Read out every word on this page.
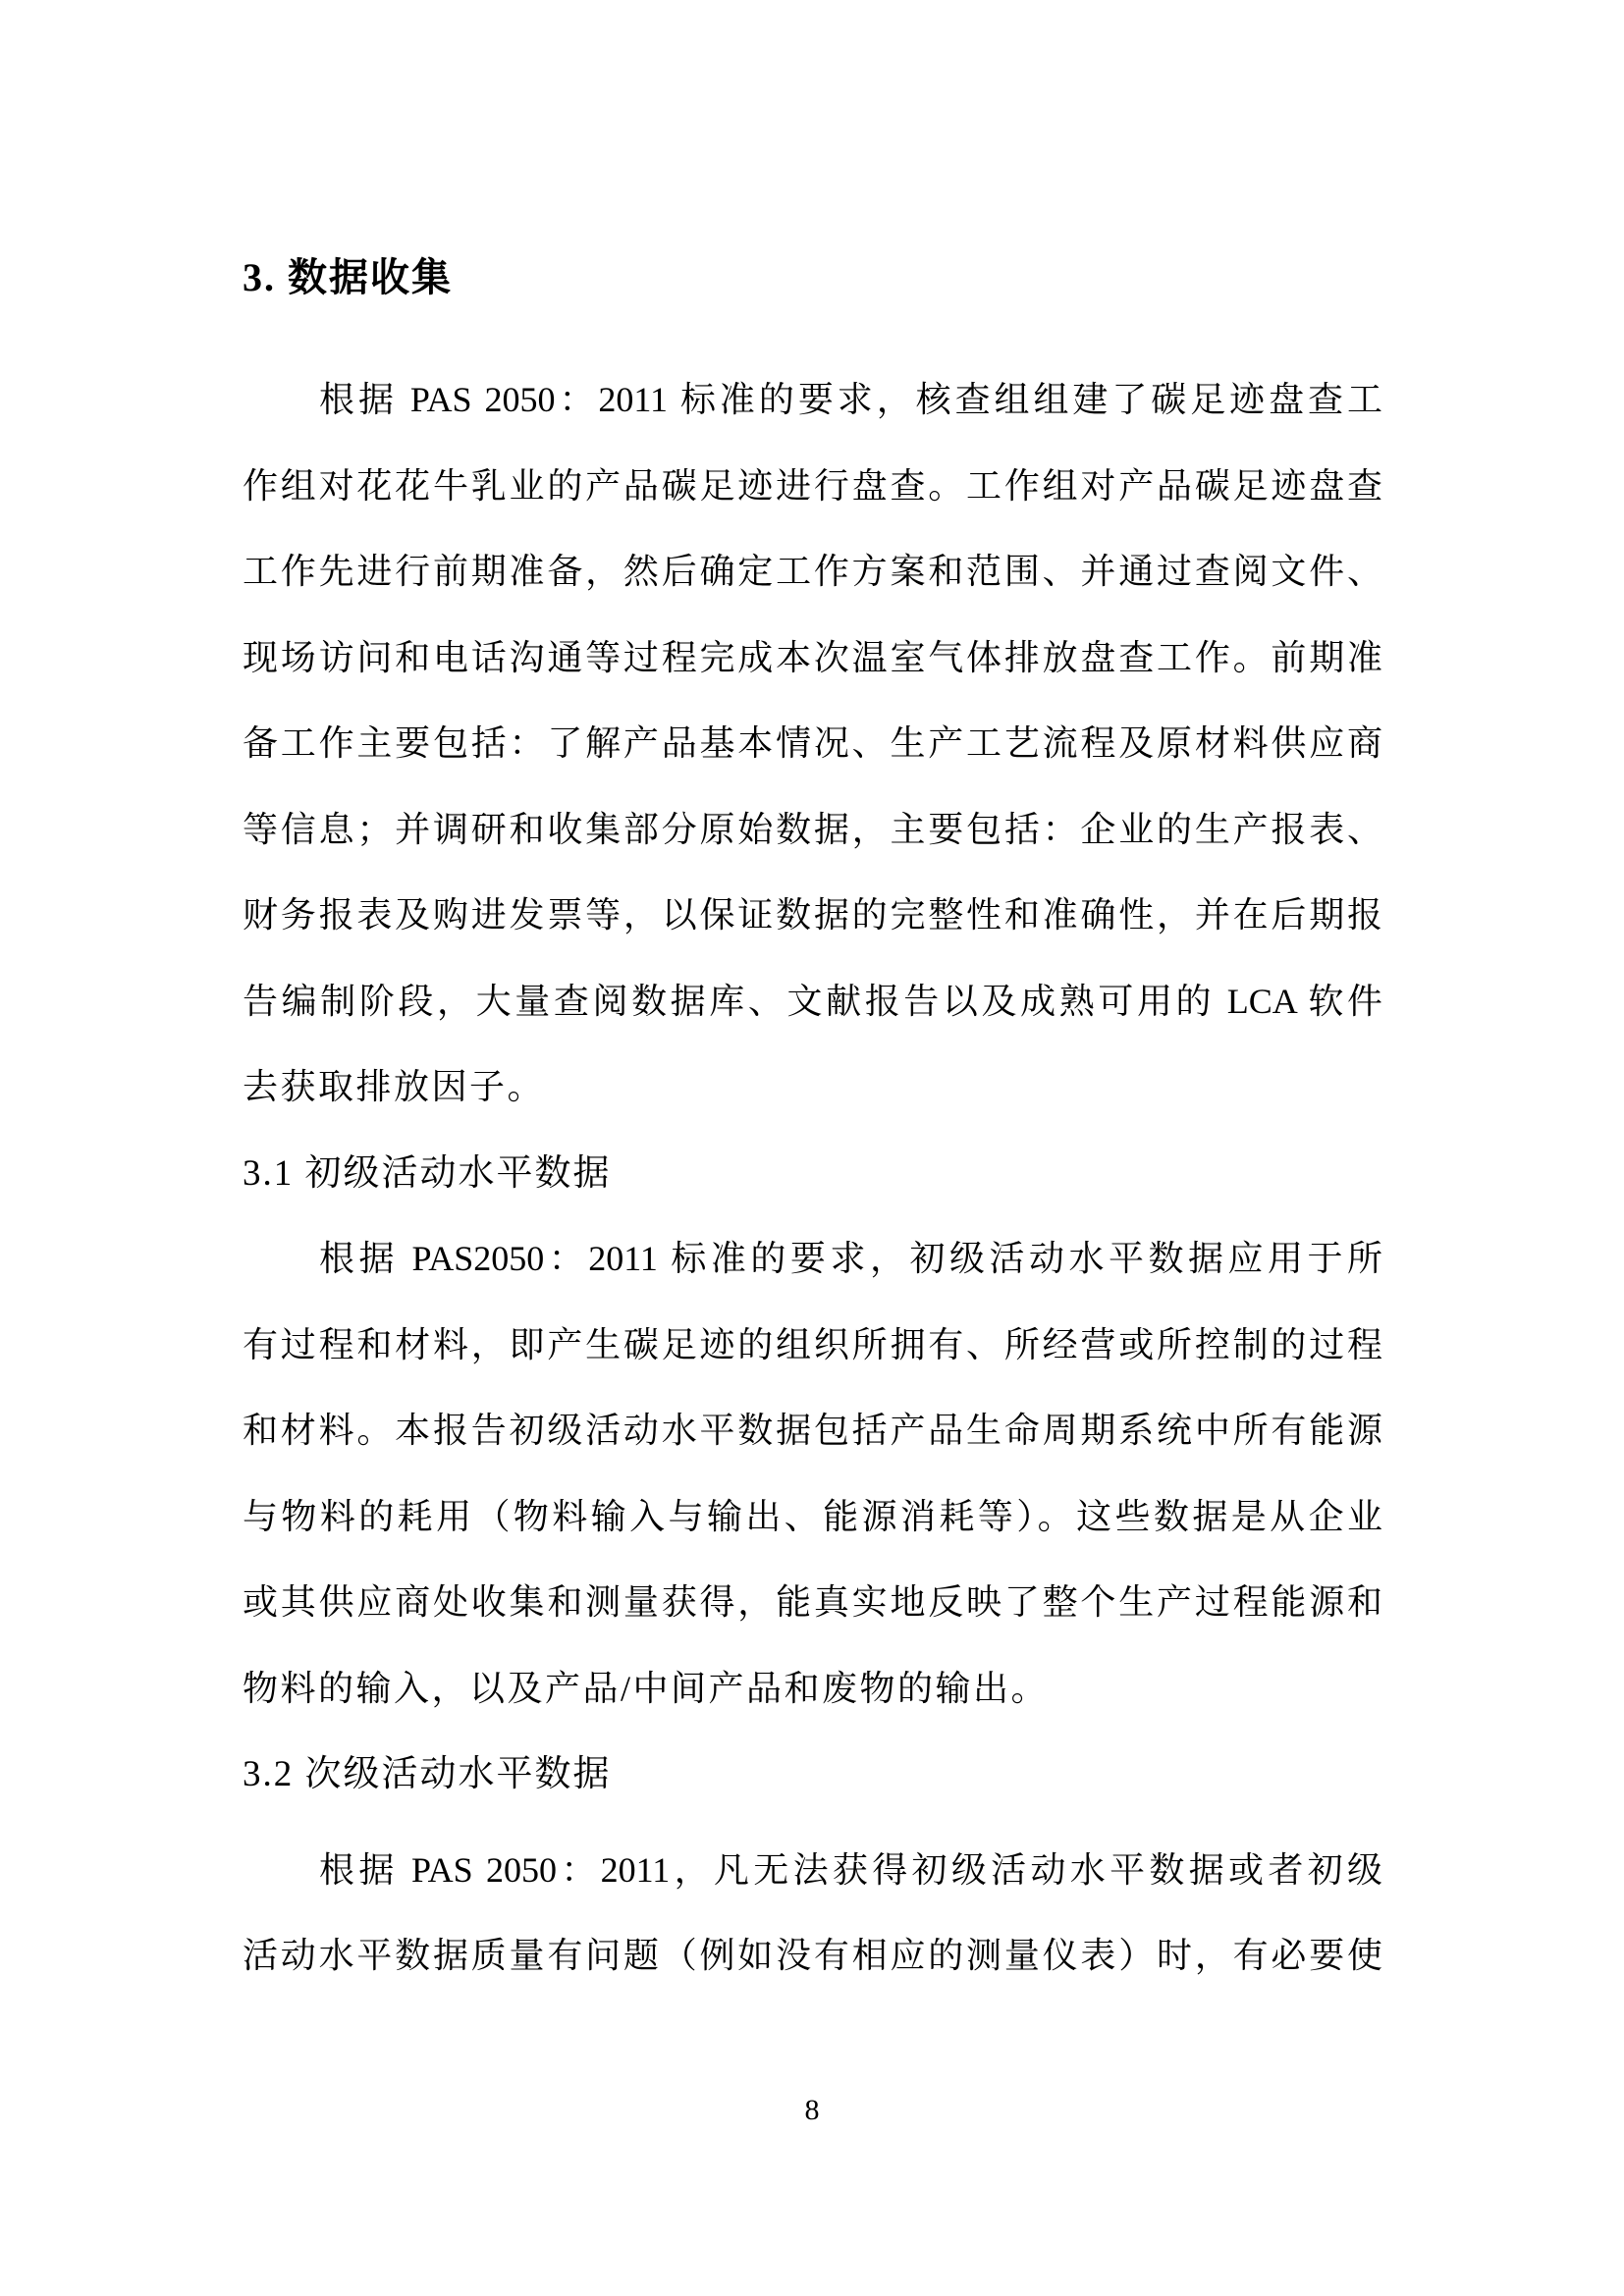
3. 数据收集
根据 PAS 2050：2011 标准的要求，核查组组建了碳足迹盘查工
作组对花花牛乳业的产品碳足迹进行盘查。工作组对产品碳足迹盘查
工作先进行前期准备，然后确定工作方案和范围、并通过查阅文件、
现场访问和电话沟通等过程完成本次温室气体排放盘查工作。前期准
备工作主要包括：了解产品基本情况、生产工艺流程及原材料供应商
等信息；并调研和收集部分原始数据，主要包括：企业的生产报表、
财务报表及购进发票等，以保证数据的完整性和准确性，并在后期报
告编制阶段，大量查阅数据库、文献报告以及成熟可用的 LCA 软件
去获取排放因子。
3.1 初级活动水平数据
根据 PAS2050：2011 标准的要求，初级活动水平数据应用于所
有过程和材料，即产生碳足迹的组织所拥有、所经营或所控制的过程
和材料。本报告初级活动水平数据包括产品生命周期系统中所有能源
与物料的耗用（物料输入与输出、能源消耗等）。这些数据是从企业
或其供应商处收集和测量获得，能真实地反映了整个生产过程能源和
物料的输入，以及产品/中间产品和废物的输出。
3.2 次级活动水平数据
根据 PAS 2050：2011，凡无法获得初级活动水平数据或者初级
活动水平数据质量有问题（例如没有相应的测量仪表）时，有必要使
8
